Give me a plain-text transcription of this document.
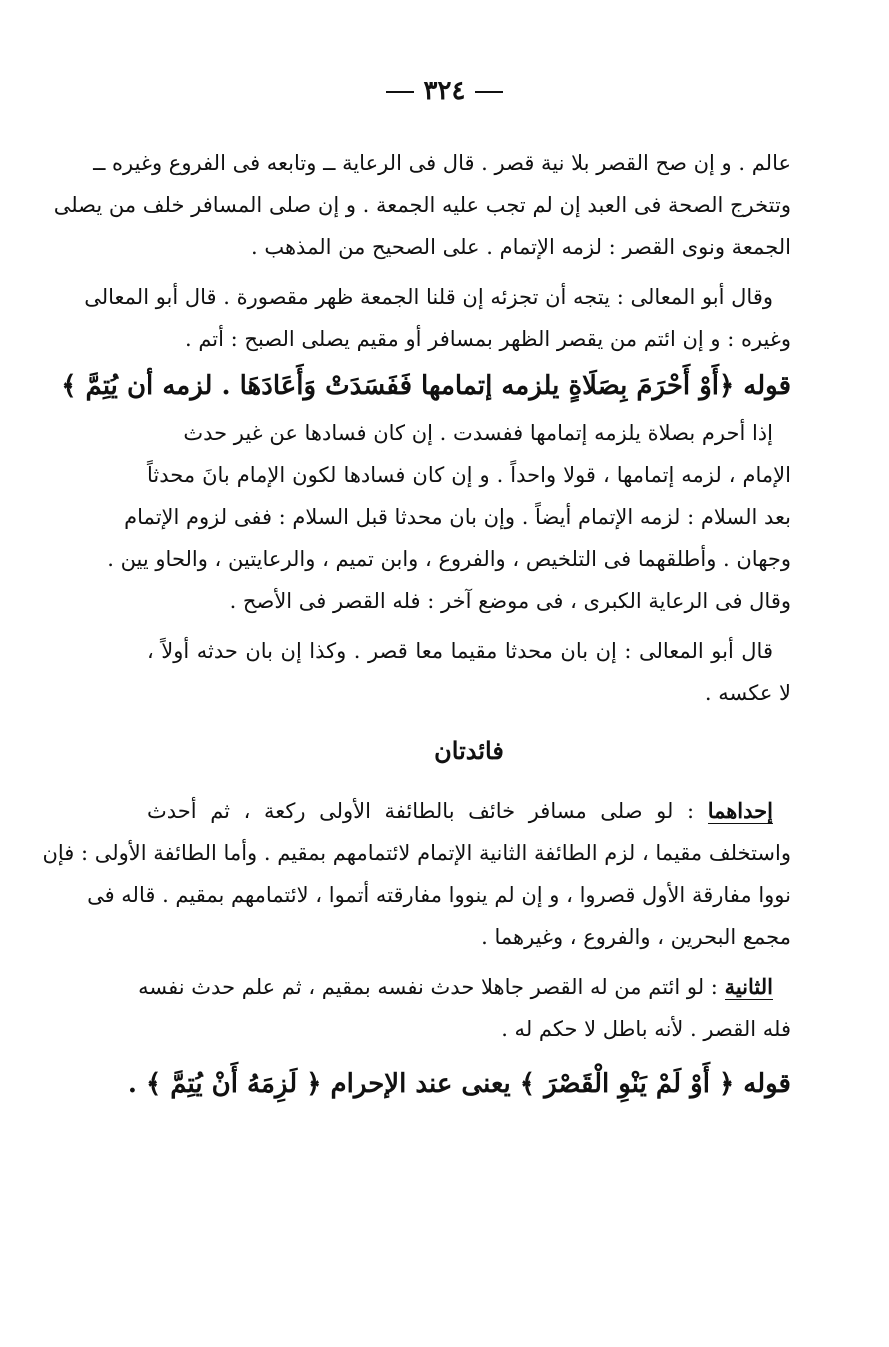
٣٢٤
عالم . و إن صح القصر بلا نية قصر . قال فى الرعاية ــ وتابعه فى الفروع وغيره ــ
وتتخرج الصحة فى العبد إن لم تجب عليه الجمعة . و إن صلى المسافر خلف من يصلى
الجمعة ونوى القصر : لزمه الإتمام . على الصحيح من المذهب .
وقال أبو المعالى : يتجه أن تجزئه إن قلنا الجمعة ظهر مقصورة . قال أبو المعالى
وغيره : و إن ائتم من يقصر الظهر بمسافر أو مقيم يصلى الصبح : أتم .
قوله ﴿أَوْ أَحْرَمَ بِصَلَاةٍ يلزمه إتمامها فَفَسَدَتْ وَأَعَادَهَا . لزمه أن يُتِمَّ ﴾
إذا أحرم بصلاة يلزمه إتمامها ففسدت . إن كان فسادها عن غير حدث
الإمام ، لزمه إتمامها ، قولا واحداً . و إن كان فسادها لكون الإمام بانَ محدثاً
بعد السلام : لزمه الإتمام أيضاً . وإن بان محدثا قبل السلام : ففى لزوم الإتمام
وجهان . وأطلقهما فى التلخيص ، والفروع ، وابن تميم ، والرعايتين ، والحاو يين .
وقال فى الرعاية الكبرى ، فى موضع آخر : فله القصر فى الأصح .
قال أبو المعالى : إن بان محدثا مقيما معا قصر . وكذا إن بان حدثه أولاً ،
لا عكسه .
فائدتان
إحداهما : لو صلى مسافر خائف بالطائفة الأولى ركعة ، ثم أحدث
واستخلف مقيما ، لزم الطائفة الثانية الإتمام لائتمامهم بمقيم . وأما الطائفة الأولى : فإن
نووا مفارقة الأول قصروا ، و إن لم ينووا مفارقته أتموا ، لائتمامهم بمقيم . قاله فى
مجمع البحرين ، والفروع ، وغيرهما .
الثانية : لو ائتم من له القصر جاهلا حدث نفسه بمقيم ، ثم علم حدث نفسه
فله القصر . لأنه باطل لا حكم له .
قوله ﴿ أَوْ لَمْ يَنْوِ الْقَصْرَ ﴾ يعنى عند الإحرام ﴿ لَزِمَهُ أَنْ يُتِمَّ ﴾ .
